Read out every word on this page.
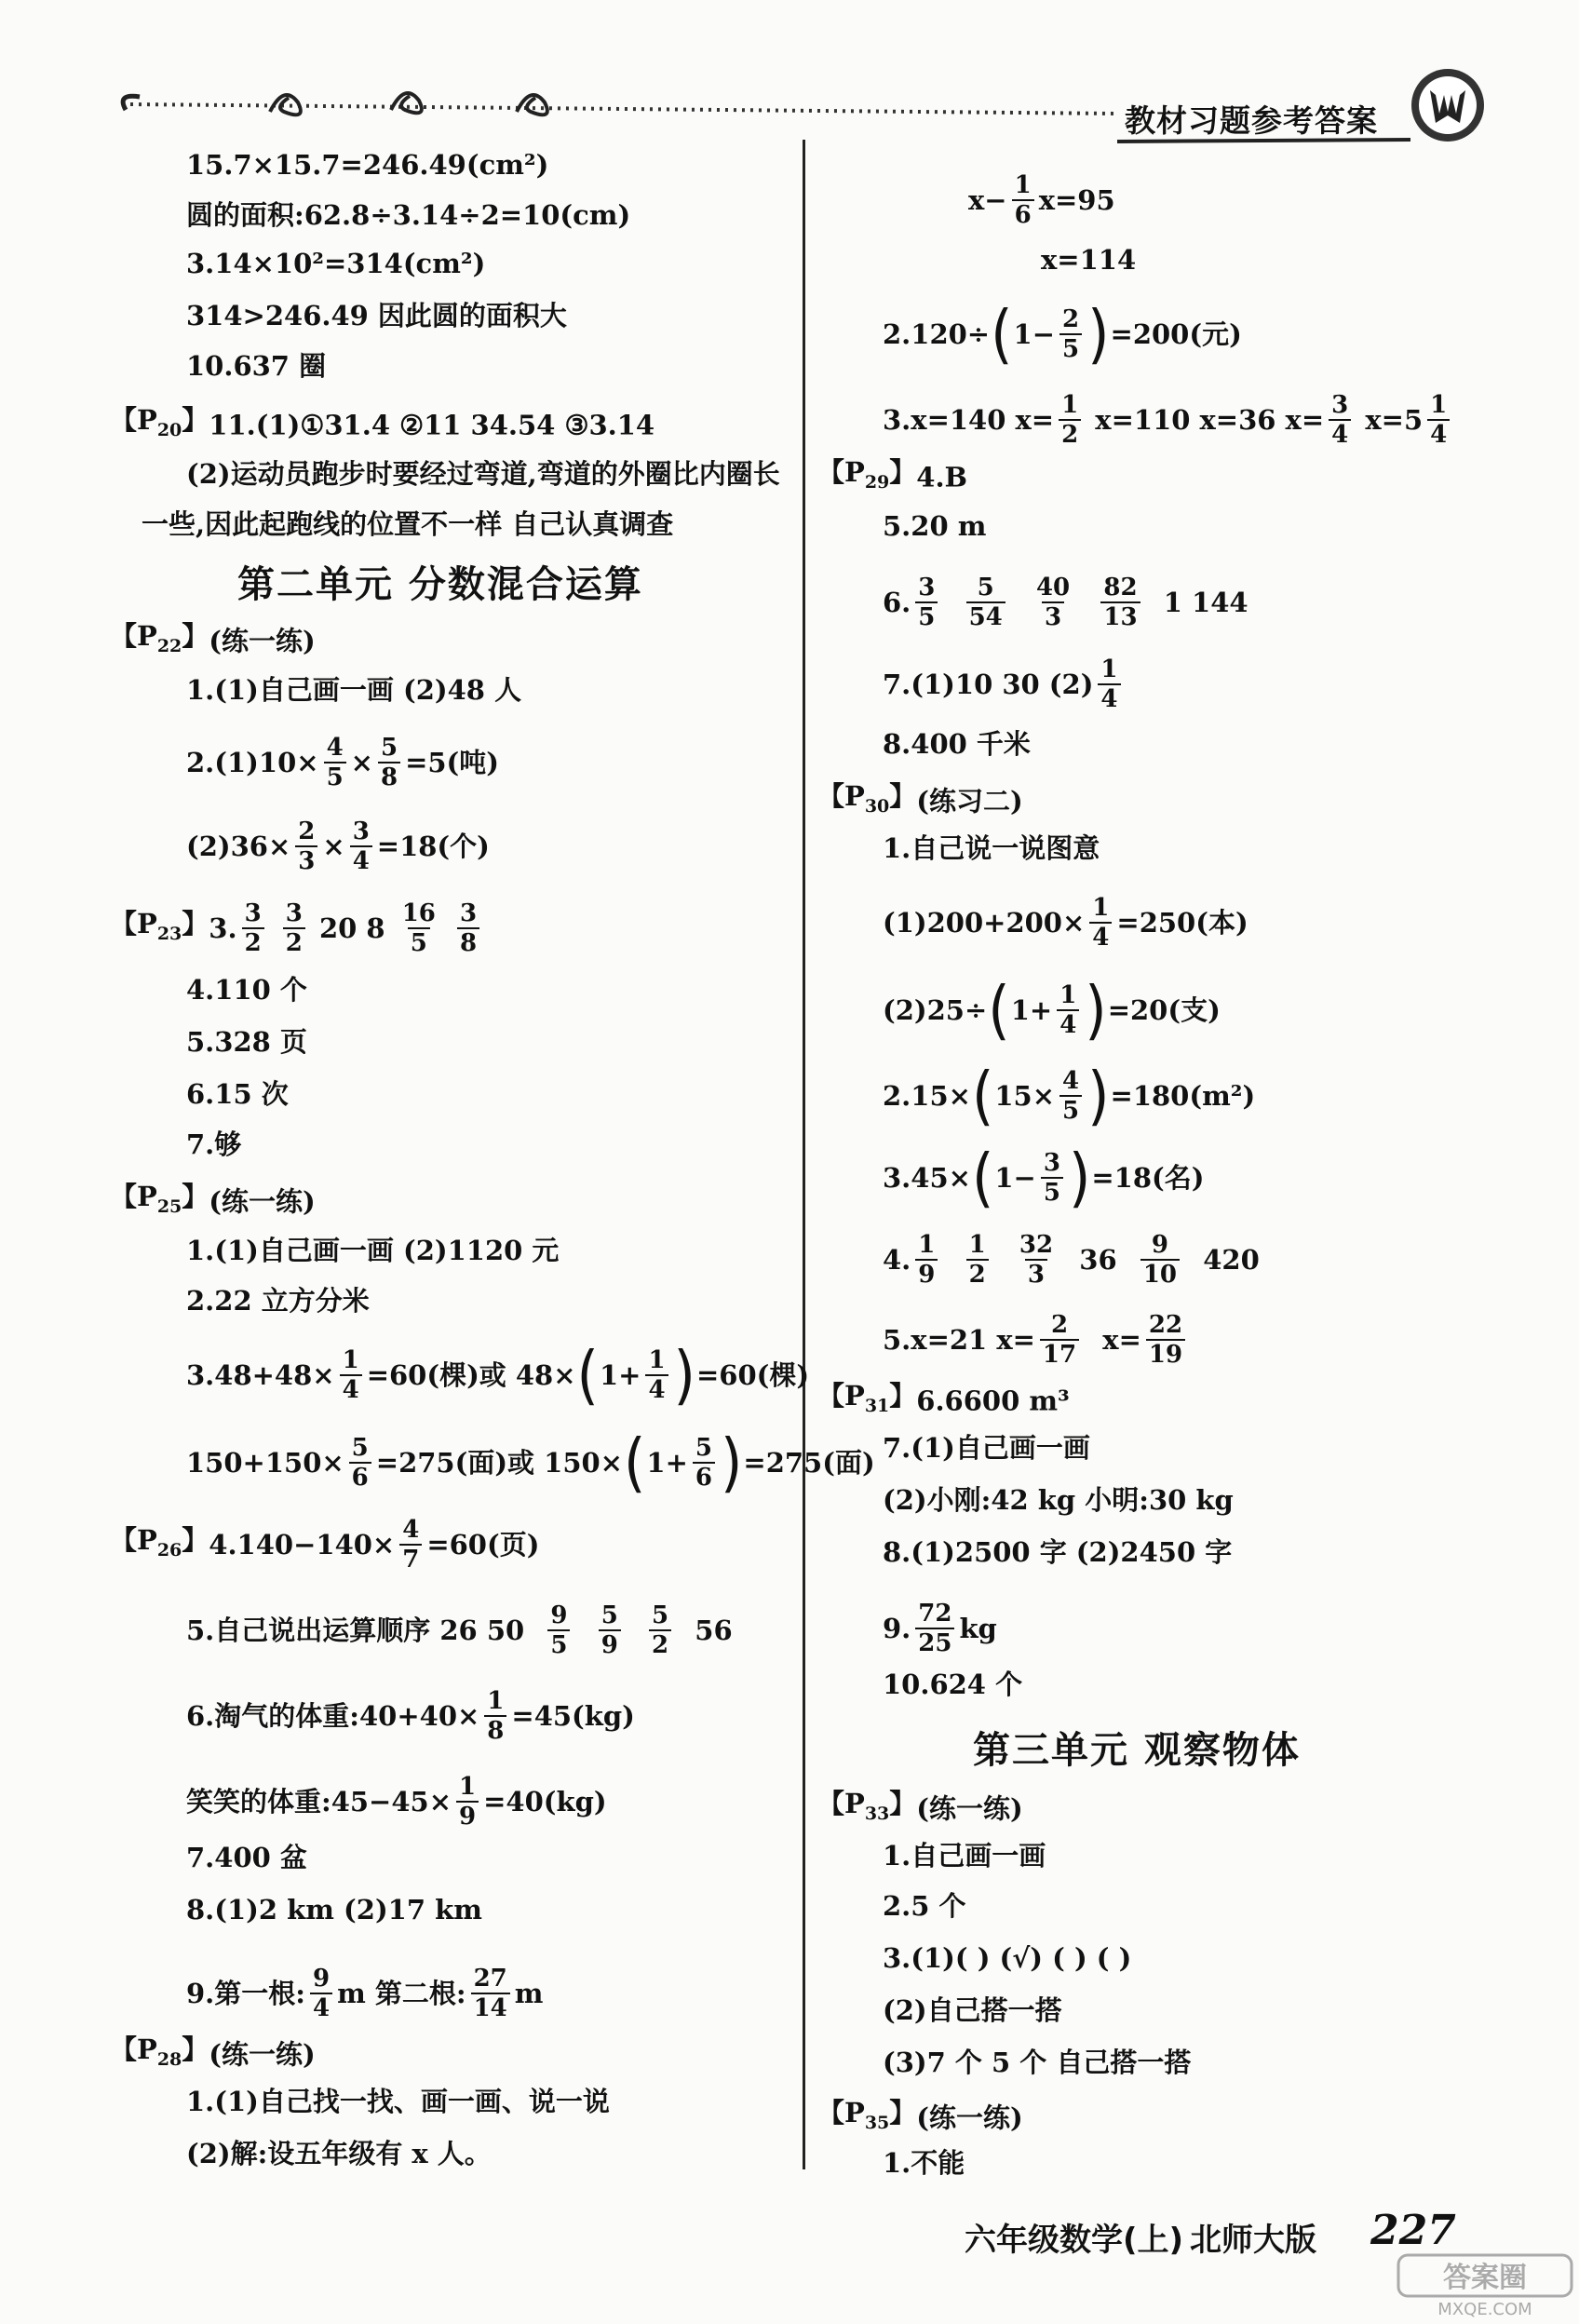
教材习题参考答案
15.7×15.7=246.49(cm²)
圆的面积:62.8÷3.14÷2=10(cm)
3.14×10²=314(cm²)
314>246.49 因此圆的面积大
10.637 圈
【$P_{20}$】11.(1)①31.4 ②11 34.54 ③3.14
(2)运动员跑步时要经过弯道,弯道的外圈比内圈长
一些,因此起跑线的位置不一样 自己认真调查
第二单元 分数混合运算
【$P_{22}$】(练一练)
1.(1)自己画一画 (2)48 人
$2.(1)10\times \frac{4}{5} \times \frac{5}{8} =5$(吨)
$(2)36\times \frac{2}{3} \times \frac{3}{4} =18$(个)
【$P_{23}$】3. $\frac{3}{2}$
$\frac{3}{2} 20$ $8 \frac{16}{5}$
$\frac{3}{8}$
4.110 个
5.328 页
6.15 次
7.够
【$P_{25}$】(练一练)
1.(1)自己画一画 (2)1120 元
2.22 立方分米
$3.48+48\times \frac{1}{4} =60$(棵)或 $48\times(1+ \frac{1}{4} )=60$(棵)
$150+150\times \frac{5}{6} =275$(面)或 $150\times(1+ \frac{5}{6} )=275$(面)
【$P_{26}$】$4.140-140\times \frac{4}{7} =60$(页)
5.自己说出运算顺序 26 $50 \frac{9}{5}$
$\frac{5}{9}$
$\frac{5}{2} 56$
6.淘气的体重:40+40× $\frac{1}{8} =45(kg)$
笑笑的体重:45−45× $\frac{1}{9} =40(kg)$
7.400 盆
8.(1)2 km (2)17 km
9.第一根: $\frac{9}{4}$ m 第二根: $\frac{27}{14}$ m
【$P_{28}$】(练一练)
1.(1)自己找一找、画一画、说一说
(2)解:设五年级有 x 人。
$x- \frac{1}{6} x=95$
x=114
$2.120\div(1- \frac{2}{5} )=200$(元)
3.x=140 $x= \frac{1}{2} x=110$ x=36 $x= \frac{3}{4} x=5 \frac{1}{4}$
【$P_{29}$】4.B
5.20 m
6. $\frac{3}{5}$
$\frac{5}{54}$
$\frac{40}{3}$
$\frac{82}{13} 1$ 144
7.(1)10 30 $(2) \frac{1}{4}$
8.400 千米
【$P_{30}$】(练习二)
1.自己说一说图意
$(1)200+200\times \frac{1}{4} =250$(本)
$(2)25\div(1+ \frac{1}{4} )=20$(支)
$2.15\times(15\times \frac{4}{5} )=180(m^2)$
$3.45\times(1- \frac{3}{5} )=18$(名)
4. $\frac{1}{9}$
$\frac{1}{2}$
$\frac{32}{3} 36 \frac{9}{10} 420$
5.x=21 $x= \frac{2}{17} x= \frac{22}{19}$
【$P_{31}$】6.6600 m³
7.(1)自己画一画
(2)小刚:42 kg 小明:30 kg
8.(1)2500 字 (2)2450 字
9. $\frac{72}{25}$ kg
10.624 个
第三单元 观察物体
【$P_{33}$】(练一练)
1.自己画一画
2.5 个
3.(1)( ) (√) ( ) ( )
(2)自己搭一搭
(3)7 个 5 个 自己搭一搭
【$P_{35}$】(练一练)
1.不能
六年级数学(上) 北师大版 227
答案圈
MXQE.COM
